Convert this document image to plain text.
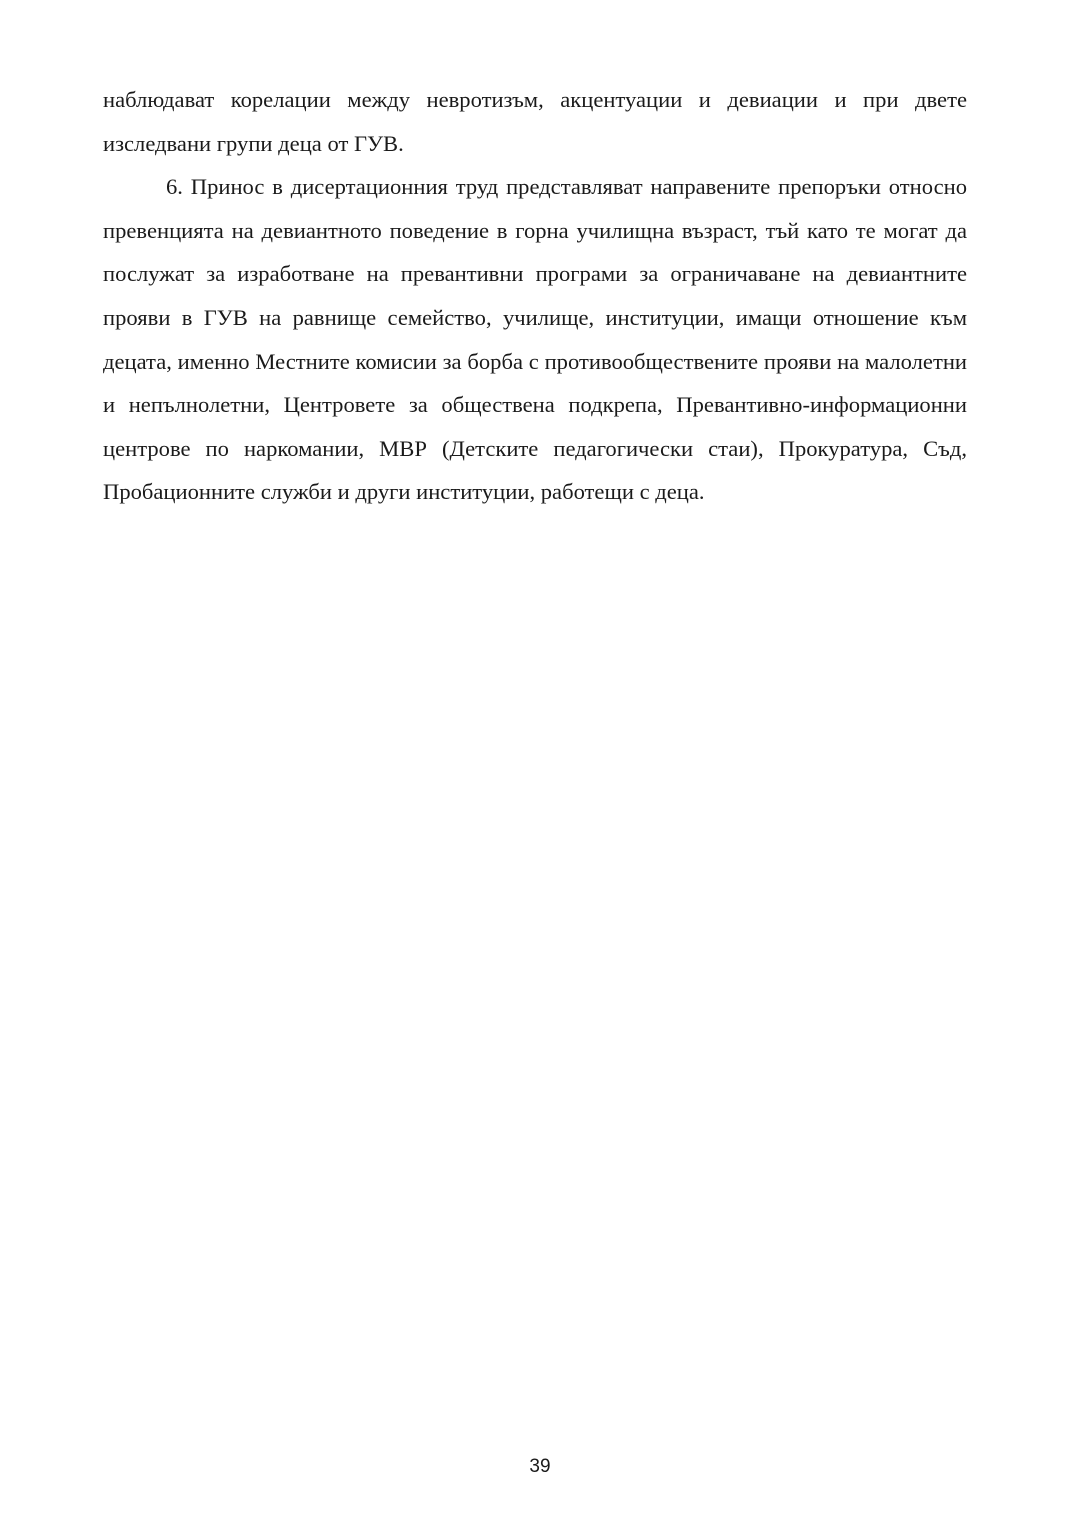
наблюдават корелации между невротизъм, акцентуации и девиации и при двете изследвани групи деца от ГУВ.

6. Принос в дисертационния труд представляват направените препоръки относно превенцията на девиантното поведение в горна училищна възраст, тъй като те могат да послужат за изработване на превантивни програми за ограничаване на девиантните прояви в ГУВ на равнище семейство, училище, институции, имащи отношение към децата, именно Местните комисии за борба с противообществените прояви на малолетни и непълнолетни, Центровете за обществена подкрепа, Превантивно-информационни центрове по наркомании, МВР (Детските педагогически стаи), Прокуратура, Съд, Пробационните служби и други институции, работещи с деца.

39
